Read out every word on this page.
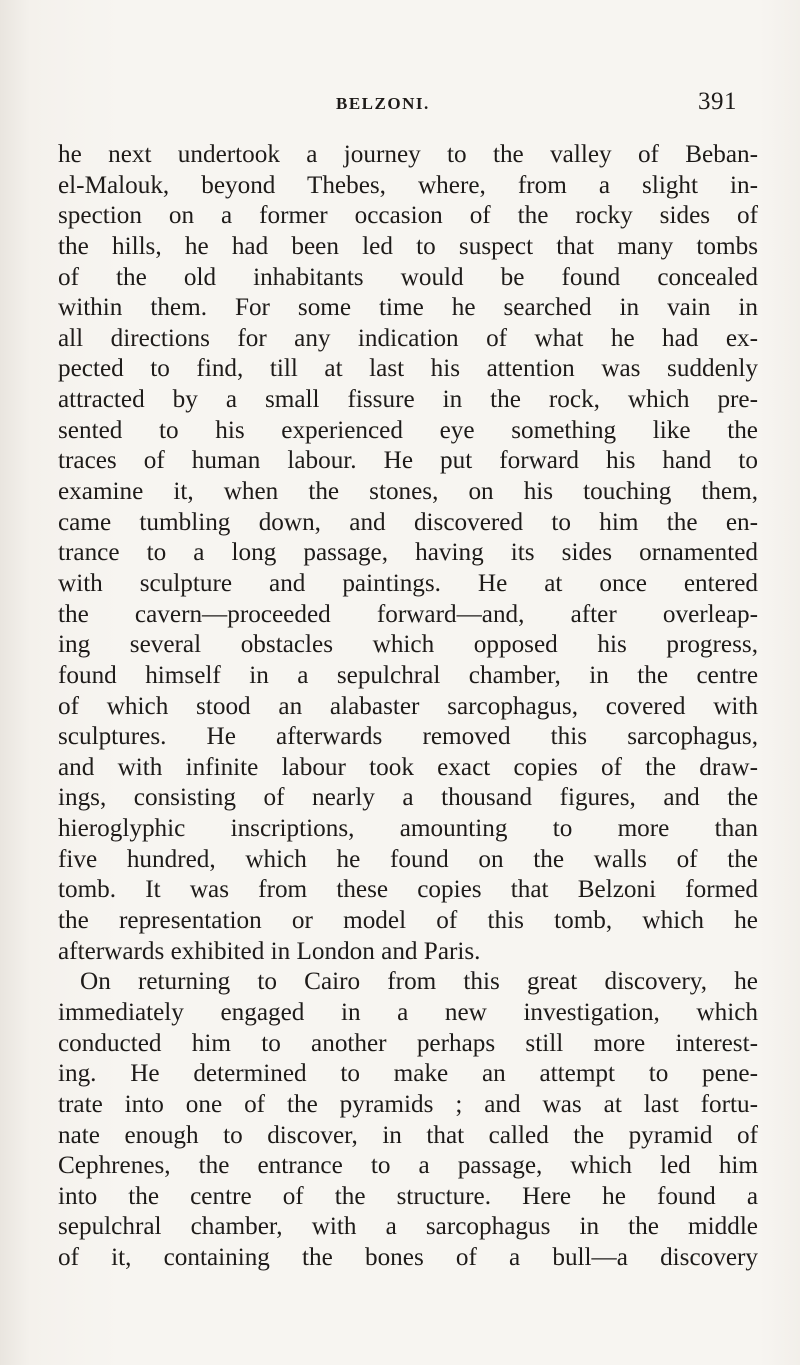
BELZONI.	391
he next undertook a journey to the valley of Beban-
el-Malouk, beyond Thebes, where, from a slight in-
spection on a former occasion of the rocky sides of
the hills, he had been led to suspect that many tombs
of the old inhabitants would be found concealed
within them. For some time he searched in vain in
all directions for any indication of what he had ex-
pected to find, till at last his attention was suddenly
attracted by a small fissure in the rock, which pre-
sented to his experienced eye something like the
traces of human labour. He put forward his hand to
examine it, when the stones, on his touching them,
came tumbling down, and discovered to him the en-
trance to a long passage, having its sides ornamented
with sculpture and paintings. He at once entered
the cavern—proceeded forward—and, after overleap-
ing several obstacles which opposed his progress,
found himself in a sepulchral chamber, in the centre
of which stood an alabaster sarcophagus, covered with
sculptures. He afterwards removed this sarcophagus,
and with infinite labour took exact copies of the draw-
ings, consisting of nearly a thousand figures, and the
hieroglyphic inscriptions, amounting to more than
five hundred, which he found on the walls of the
tomb. It was from these copies that Belzoni formed
the representation or model of this tomb, which he
afterwards exhibited in London and Paris.
On returning to Cairo from this great discovery, he
immediately engaged in a new investigation, which
conducted him to another perhaps still more interest-
ing. He determined to make an attempt to pene-
trate into one of the pyramids ; and was at last fortu-
nate enough to discover, in that called the pyramid of
Cephrenes, the entrance to a passage, which led him
into the centre of the structure. Here he found a
sepulchral chamber, with a sarcophagus in the middle
of it, containing the bones of a bull—a discovery
